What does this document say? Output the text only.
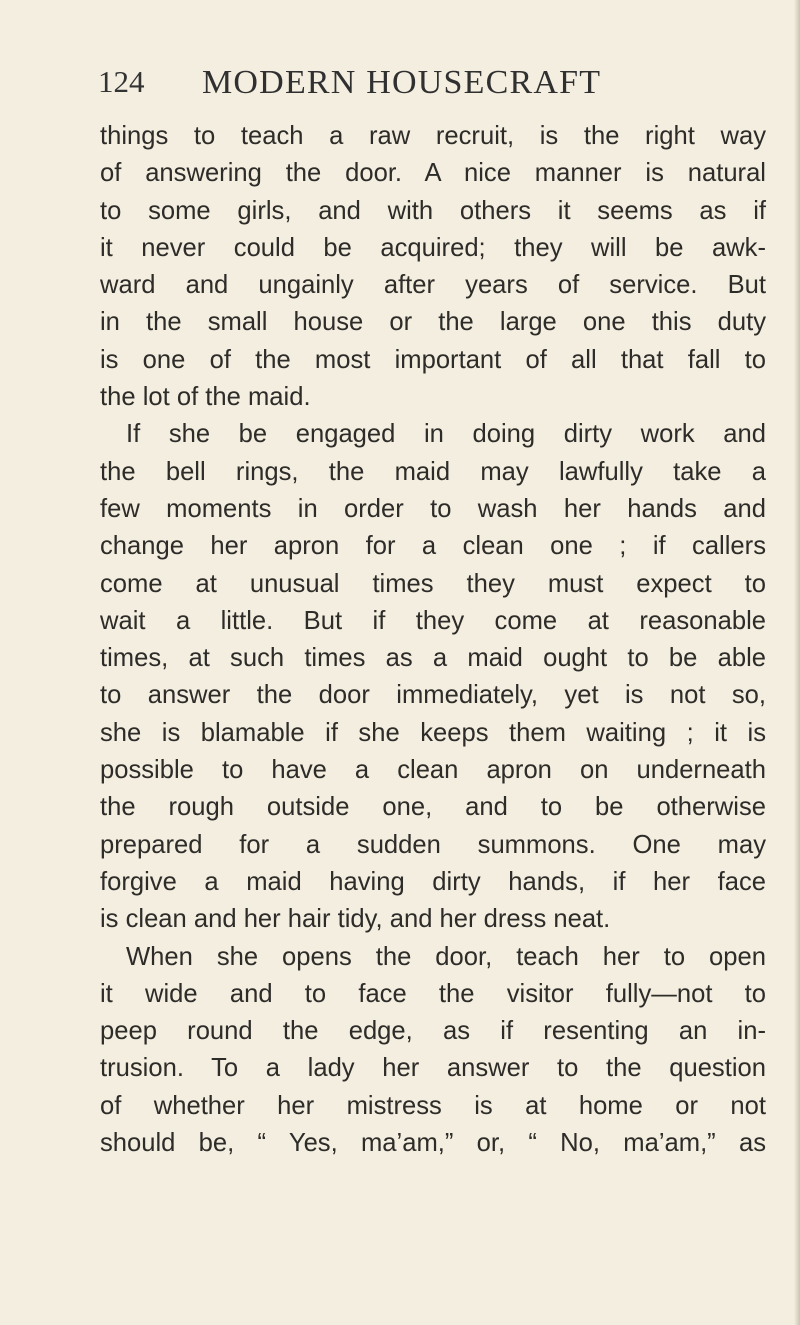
124 MODERN HOUSECRAFT
things to teach a raw recruit, is the right way
of answering the door. A nice manner is natural
to some girls, and with others it seems as if
it never could be acquired; they will be awk-
ward and ungainly after years of service. But
in the small house or the large one this duty
is one of the most important of all that fall to
the lot of the maid.
If she be engaged in doing dirty work and
the bell rings, the maid may lawfully take a
few moments in order to wash her hands and
change her apron for a clean one ; if callers
come at unusual times they must expect to
wait a little. But if they come at reasonable
times, at such times as a maid ought to be able
to answer the door immediately, yet is not so,
she is blamable if she keeps them waiting ; it is
possible to have a clean apron on underneath
the rough outside one, and to be otherwise
prepared for a sudden summons. One may
forgive a maid having dirty hands, if her face
is clean and her hair tidy, and her dress neat.
When she opens the door, teach her to open
it wide and to face the visitor fully—not to
peep round the edge, as if resenting an in-
trusion. To a lady her answer to the question
of whether her mistress is at home or not
should be, “ Yes, ma’am,” or, “ No, ma’am,” as
